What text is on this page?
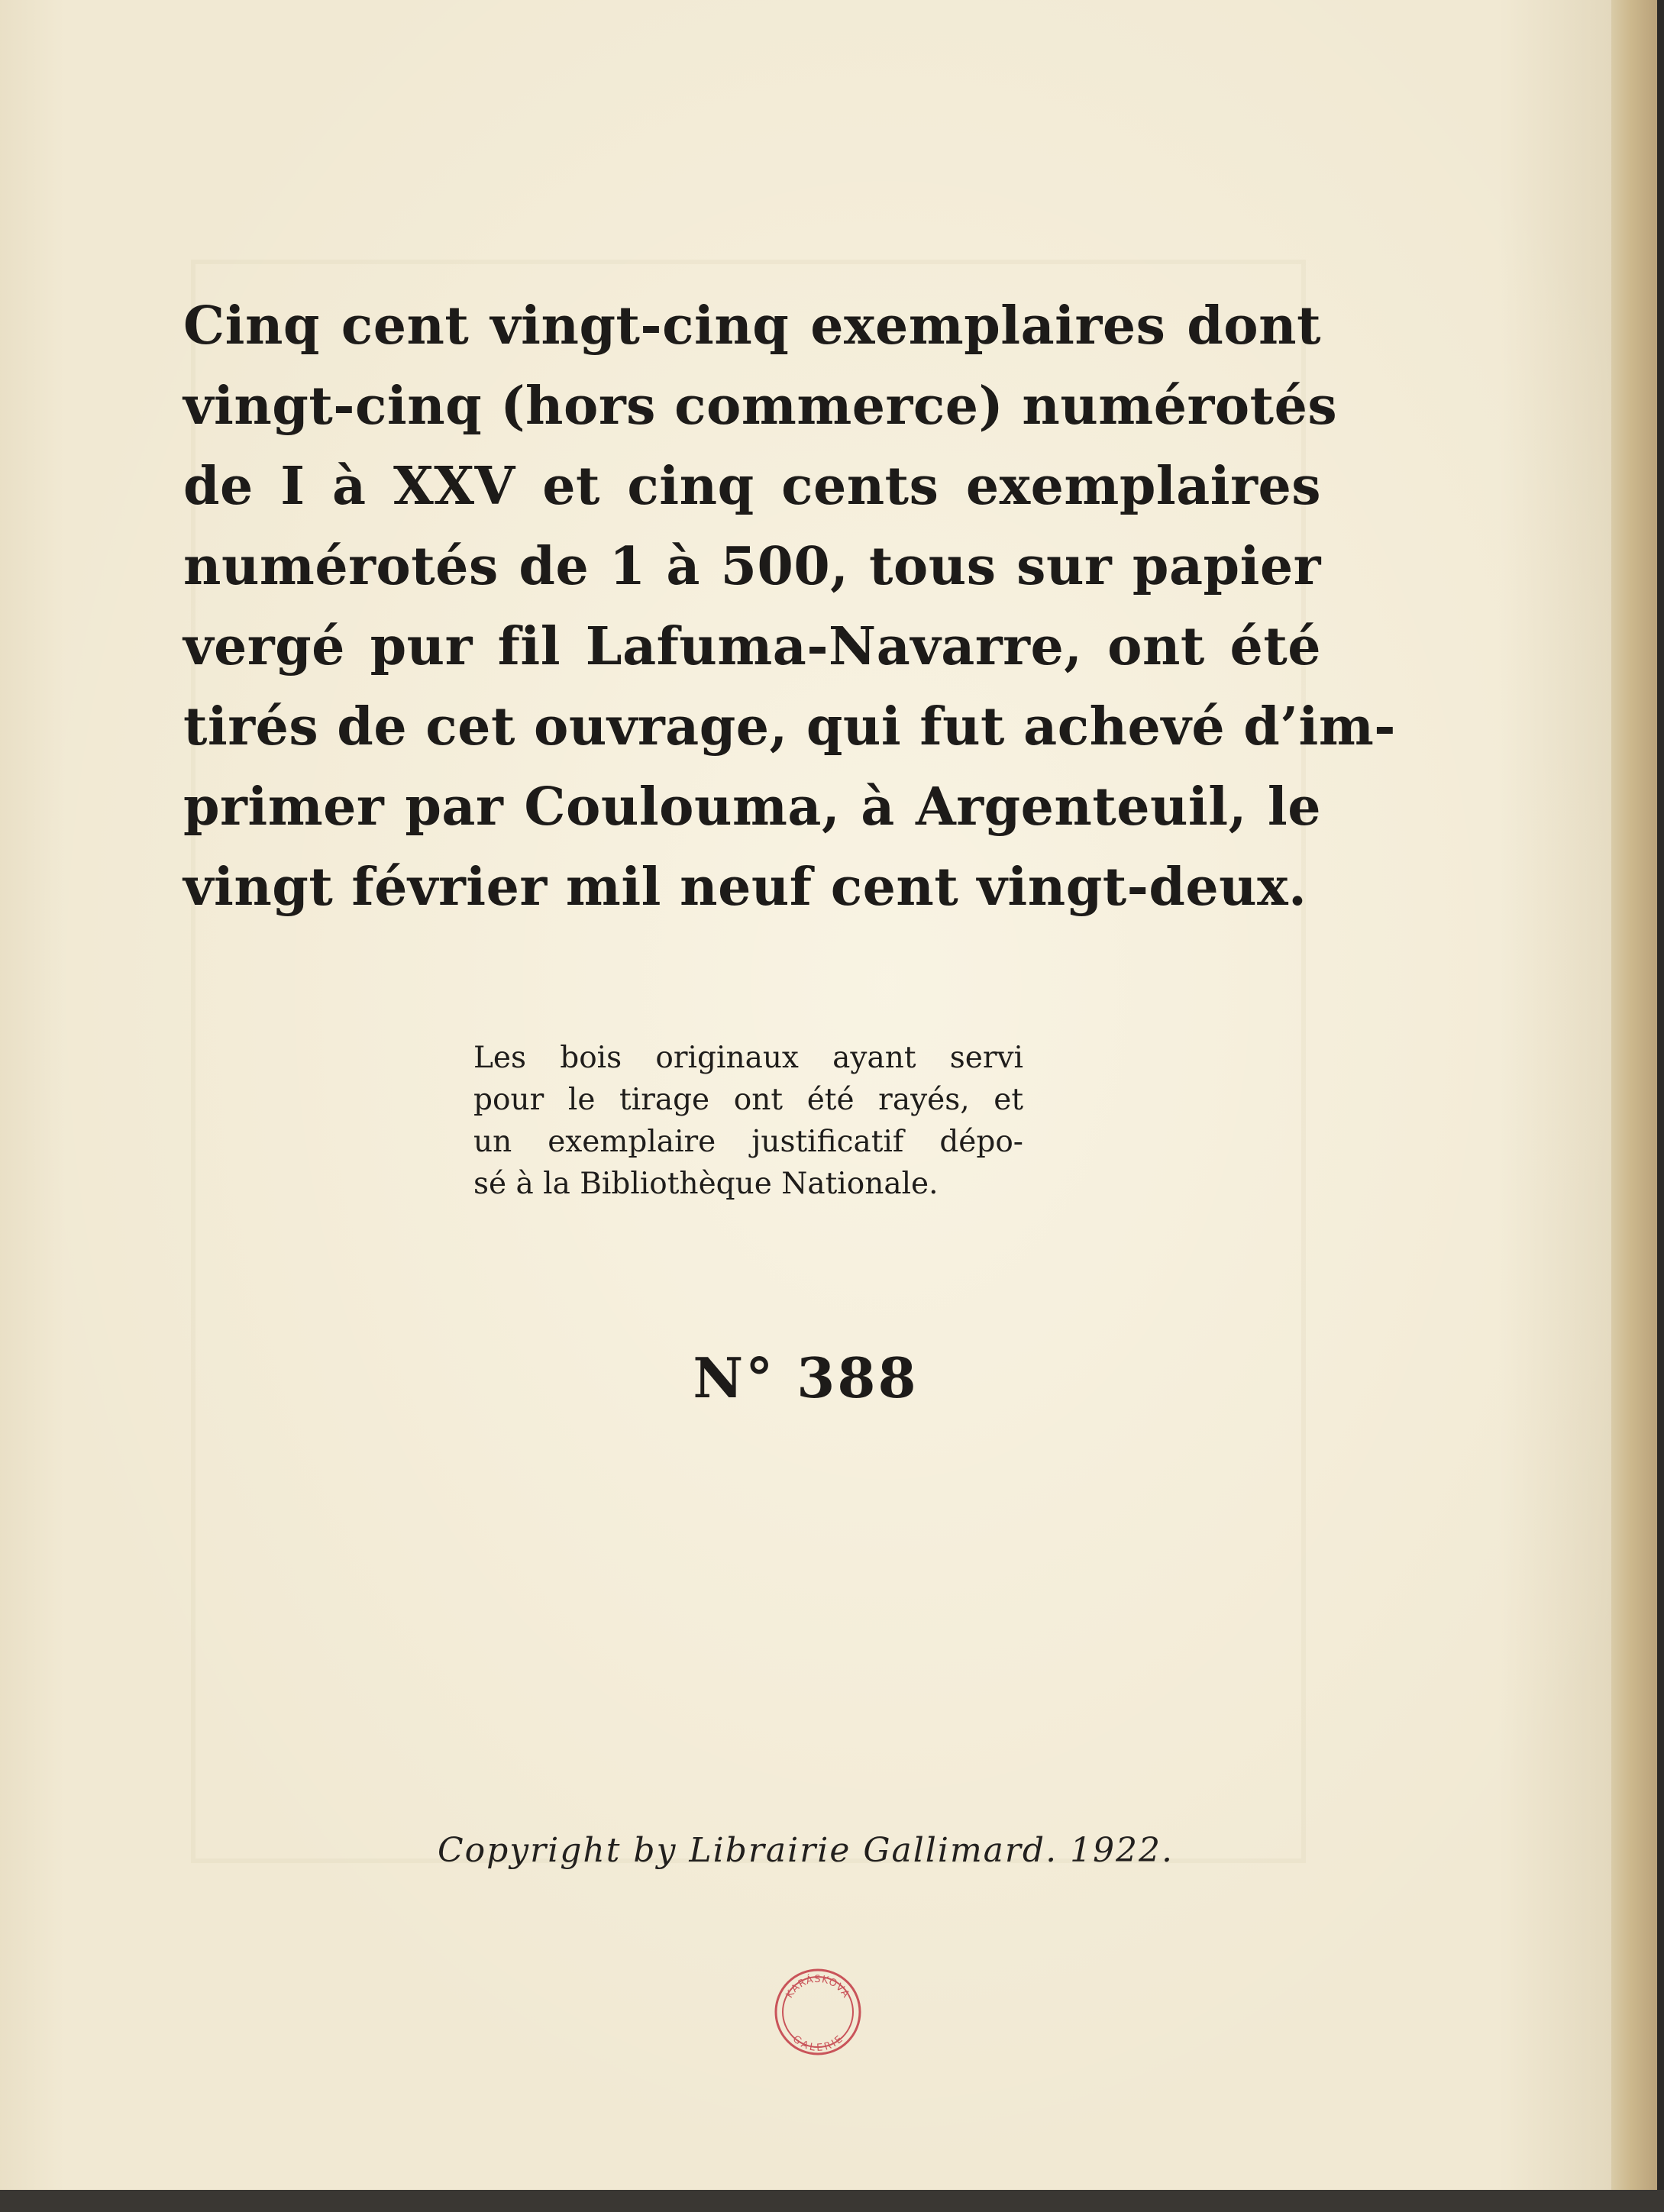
Cinq cent vingt-cinq exemplaires dont
vingt-cinq (hors commerce) numérotés
de I à XXV et cinq cents exemplaires
numérotés de 1 à 500, tous sur papier
vergé pur fil Lafuma-Navarre, ont été
tirés de cet ouvrage, qui fut achevé d’im-
primer par Coulouma, à Argenteuil, le
vingt février mil neuf cent vingt-deux.
Les bois originaux ayant servi
pour le tirage ont été rayés, et
un exemplaire justificatif dépo-
sé à la Bibliothèque Nationale.
N° 388
Copyright by Librairie Gallimard. 1922.
KARÁSKOVA
GALERIE
